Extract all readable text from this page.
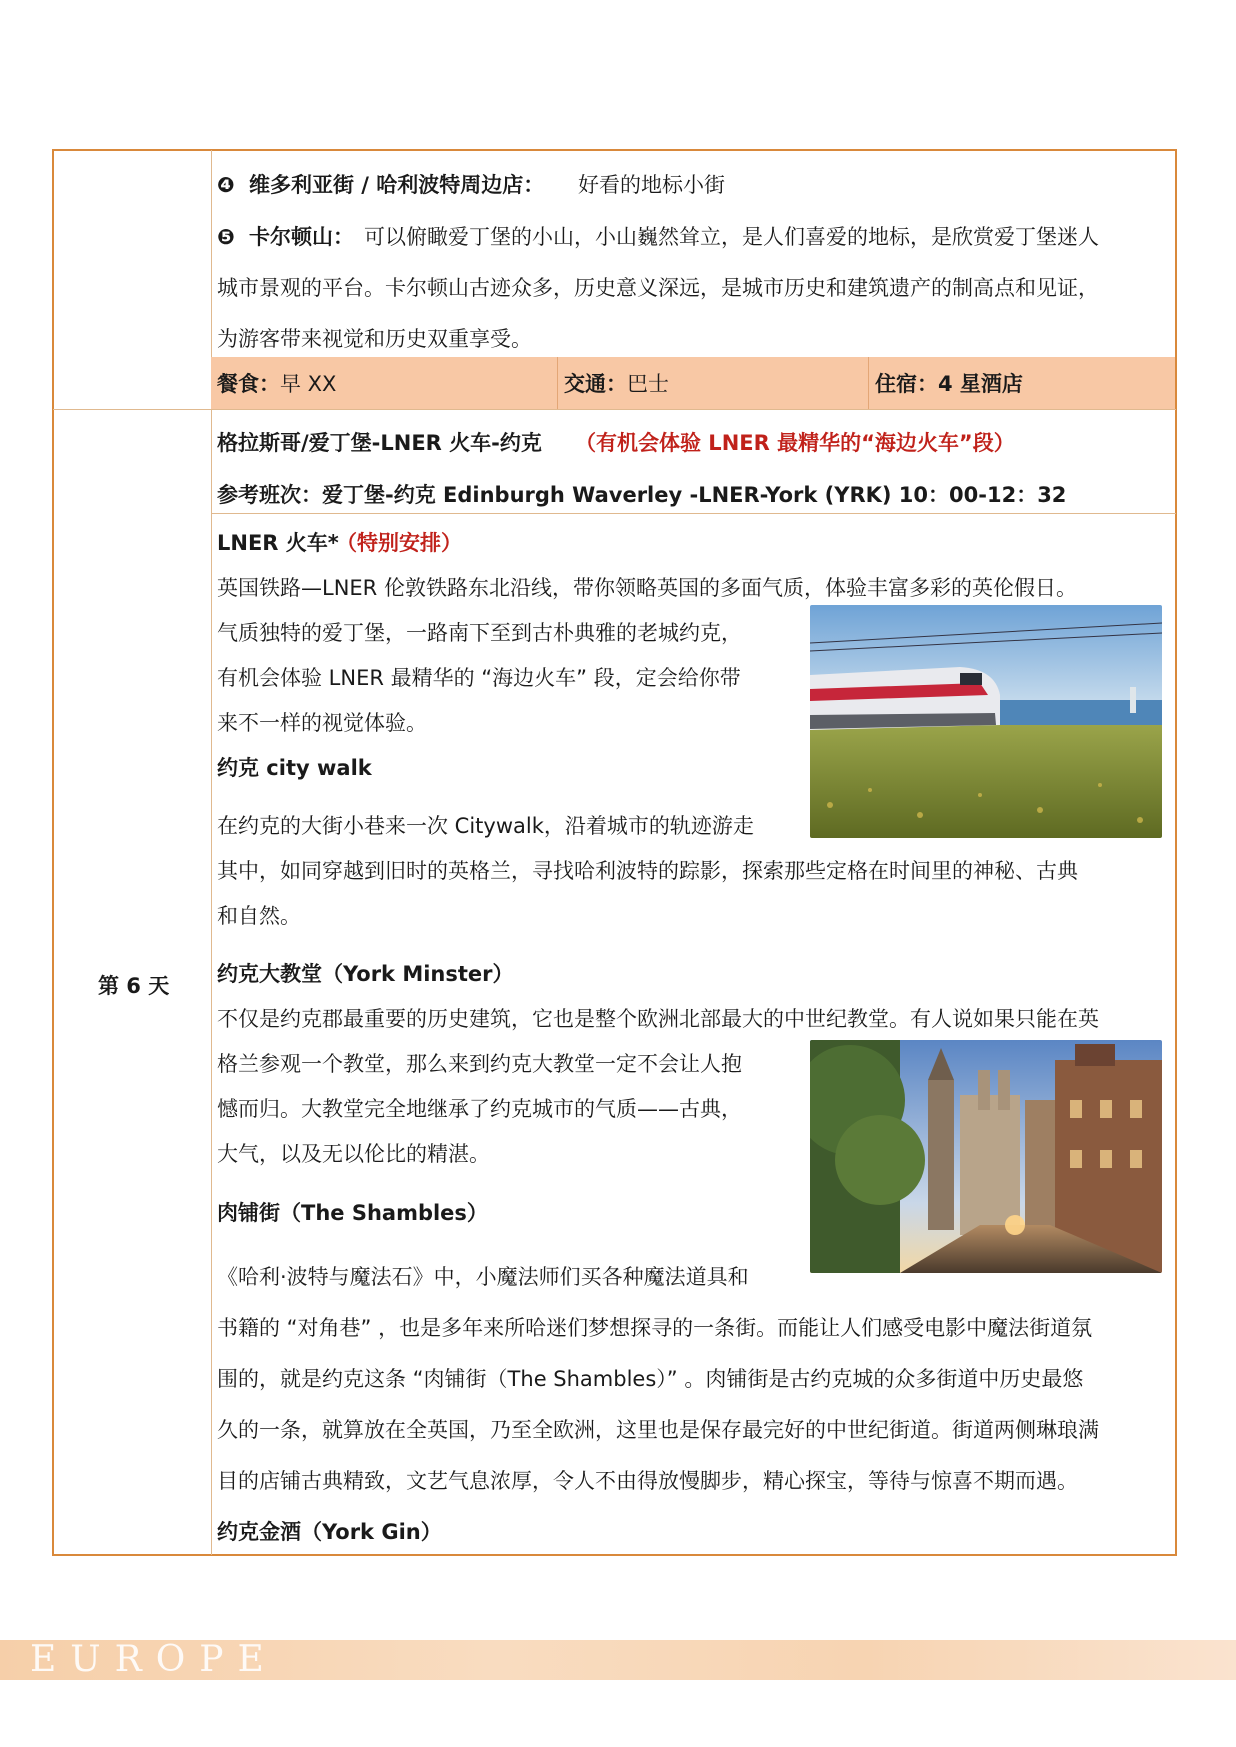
❹ 维多利亚街 / 哈利波特周边店： 好看的地标小街
❺ 卡尔顿山： 可以俯瞰爱丁堡的小山，小山巍然耸立，是人们喜爱的地标，是欣赏爱丁堡迷人
城市景观的平台。卡尔顿山古迹众多，历史意义深远，是城市历史和建筑遗产的制高点和见证，
为游客带来视觉和历史双重享受。
餐食： 早 XX	交通： 巴士	住宿： 4 星酒店
第 6 天
格拉斯哥/爱丁堡-LNER 火车-约克 （有机会体验 LNER 最精华的“海边火车”段）
参考班次：爱丁堡-约克 Edinburgh Waverley -LNER-York (YRK) 10：00-12：32
LNER 火车*
（特别安排）
英国铁路—LNER 伦敦铁路东北沿线，带你领略英国的多面气质，体验丰富多彩的英伦假日。
气质独特的爱丁堡，一路南下至到古朴典雅的老城约克，
有机会体验 LNER 最精华的 “海边火车” 段，定会给你带
来不一样的视觉体验。
约克 city walk
在约克的大街小巷来一次 Citywalk，沿着城市的轨迹游走
其中，如同穿越到旧时的英格兰，寻找哈利波特的踪影，探索那些定格在时间里的神秘、古典
和自然。
约克大教堂（York Minster）
不仅是约克郡最重要的历史建筑，它也是整个欧洲北部最大的中世纪教堂。有人说如果只能在英
格兰参观一个教堂，那么来到约克大教堂一定不会让人抱
憾而归。大教堂完全地继承了约克城市的气质——古典，
大气，以及无以伦比的精湛。
肉铺街（The Shambles）
《哈利·波特与魔法石》中，小魔法师们买各种魔法道具和
书籍的 “对角巷” ，也是多年来所哈迷们梦想探寻的一条街。而能让人们感受电影中魔法街道氛
围的，就是约克这条 “肉铺街（The Shambles）” 。肉铺街是古约克城的众多街道中历史最悠
久的一条，就算放在全英国，乃至全欧洲，这里也是保存最完好的中世纪街道。街道两侧琳琅满
目的店铺古典精致，文艺气息浓厚，令人不由得放慢脚步，精心探宝，等待与惊喜不期而遇。
约克金酒（York Gin）
EUROPE
